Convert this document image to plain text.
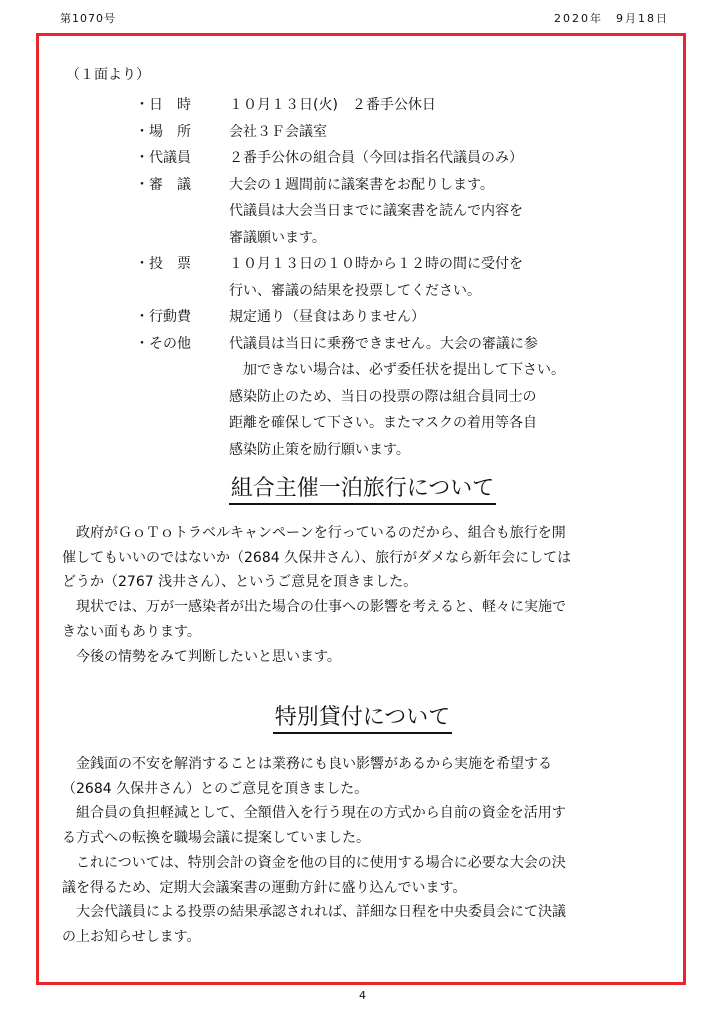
第1070号	2020年　9月18日
（１面より）
・日　時	１０月１３日(火)　２番手公休日
・場　所	会社３Ｆ会議室
・代議員	２番手公休の組合員（今回は指名代議員のみ）
・審　議	大会の１週間前に議案書をお配りします。
代議員は大会当日までに議案書を読んで内容を
審議願います。
・投　票	１０月１３日の１０時から１２時の間に受付を
行い、審議の結果を投票してください。
・行動費	規定通り（昼食はありません）
・その他	代議員は当日に乗務できません。大会の審議に参
　加できない場合は、必ず委任状を提出して下さい。
感染防止のため、当日の投票の際は組合員同士の
距離を確保して下さい。またマスクの着用等各自
感染防止策を励行願います。
組合主催一泊旅行について
　政府がＧｏＴｏトラベルキャンペーンを行っているのだから、組合も旅行を開
催してもいいのではないか（2684 久保井さん）、旅行がダメなら新年会にしては
どうか（2767 浅井さん）、というご意見を頂きました。
　現状では、万が一感染者が出た場合の仕事への影響を考えると、軽々に実施で
きない面もあります。
　今後の情勢をみて判断したいと思います。
特別貸付について
　金銭面の不安を解消することは業務にも良い影響があるから実施を希望する
（2684 久保井さん）とのご意見を頂きました。
　組合員の負担軽減として、全額借入を行う現在の方式から自前の資金を活用す
る方式への転換を職場会議に提案していました。
　これについては、特別会計の資金を他の目的に使用する場合に必要な大会の決
議を得るため、定期大会議案書の運動方針に盛り込んでいます。
　大会代議員による投票の結果承認されれば、詳細な日程を中央委員会にて決議
の上お知らせします。
4
